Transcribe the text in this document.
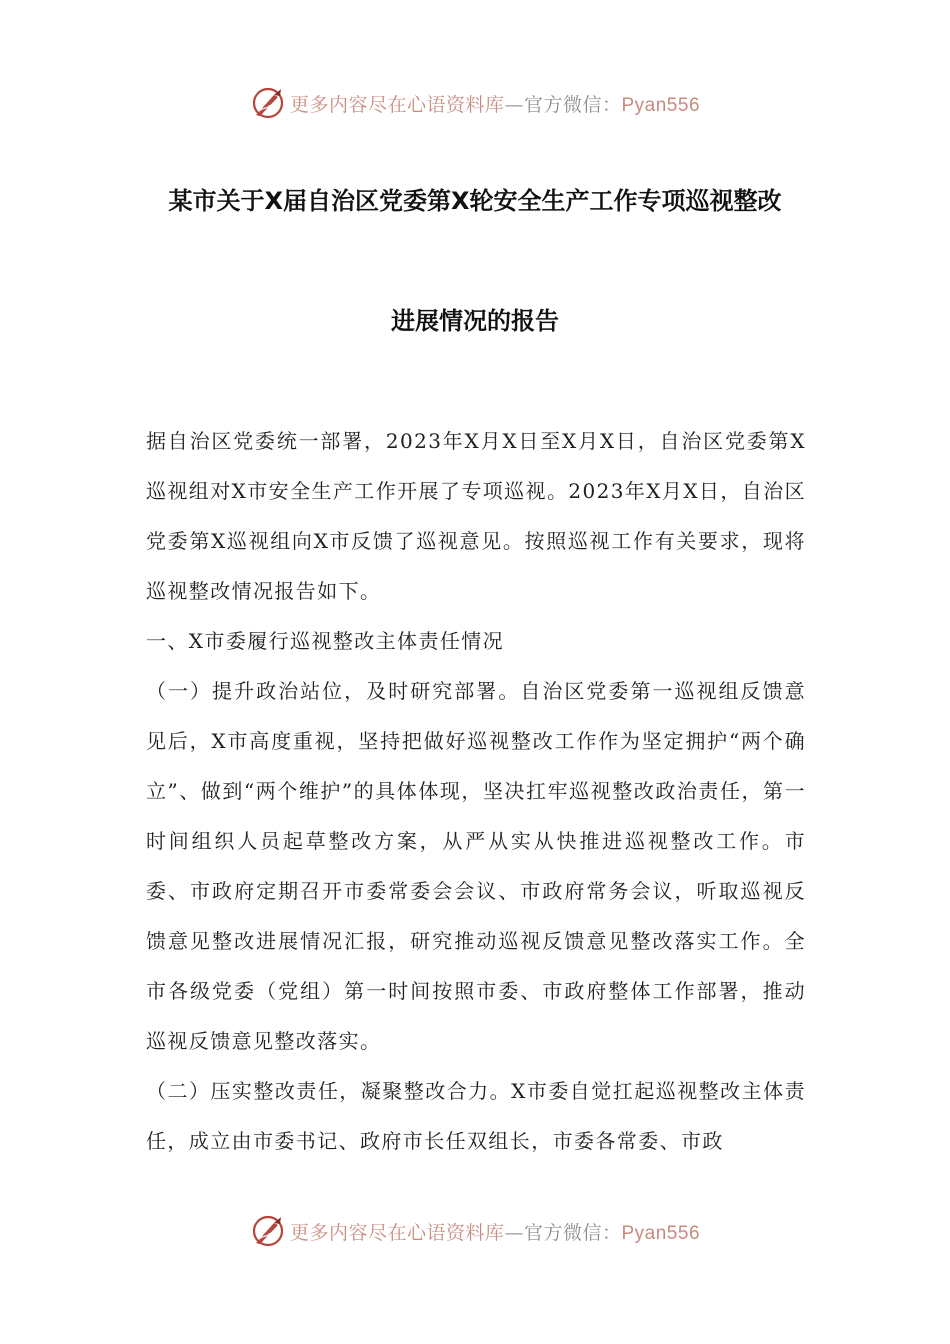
更多内容尽在心语资料库—官方微信：Pyan556
某市关于X届自治区党委第X轮安全生产工作专项巡视整改
进展情况的报告

据自治区党委统一部署，2023年X月X日至X月X日，自治区党委第X巡视组对X市安全生产工作开展了专项巡视。2023年X月X日，自治区党委第X巡视组向X市反馈了巡视意见。按照巡视工作有关要求，现将巡视整改情况报告如下。

一、X市委履行巡视整改主体责任情况

（一）提升政治站位，及时研究部署。自治区党委第一巡视组反馈意见后，X市高度重视，坚持把做好巡视整改工作作为坚定拥护“两个确立”、做到“两个维护”的具体体现，坚决扛牢巡视整改政治责任，第一时间组织人员起草整改方案，从严从实从快推进巡视整改工作。市委、市政府定期召开市委常委会会议、市政府常务会议，听取巡视反馈意见整改进展情况汇报，研究推动巡视反馈意见整改落实工作。全市各级党委（党组）第一时间按照市委、市政府整体工作部署，推动巡视反馈意见整改落实。

（二）压实整改责任，凝聚整改合力。X市委自觉扛起巡视整改主体责任，成立由市委书记、政府市长任双组长，市委各常委、市政

更多内容尽在心语资料库—官方微信：Pyan556
